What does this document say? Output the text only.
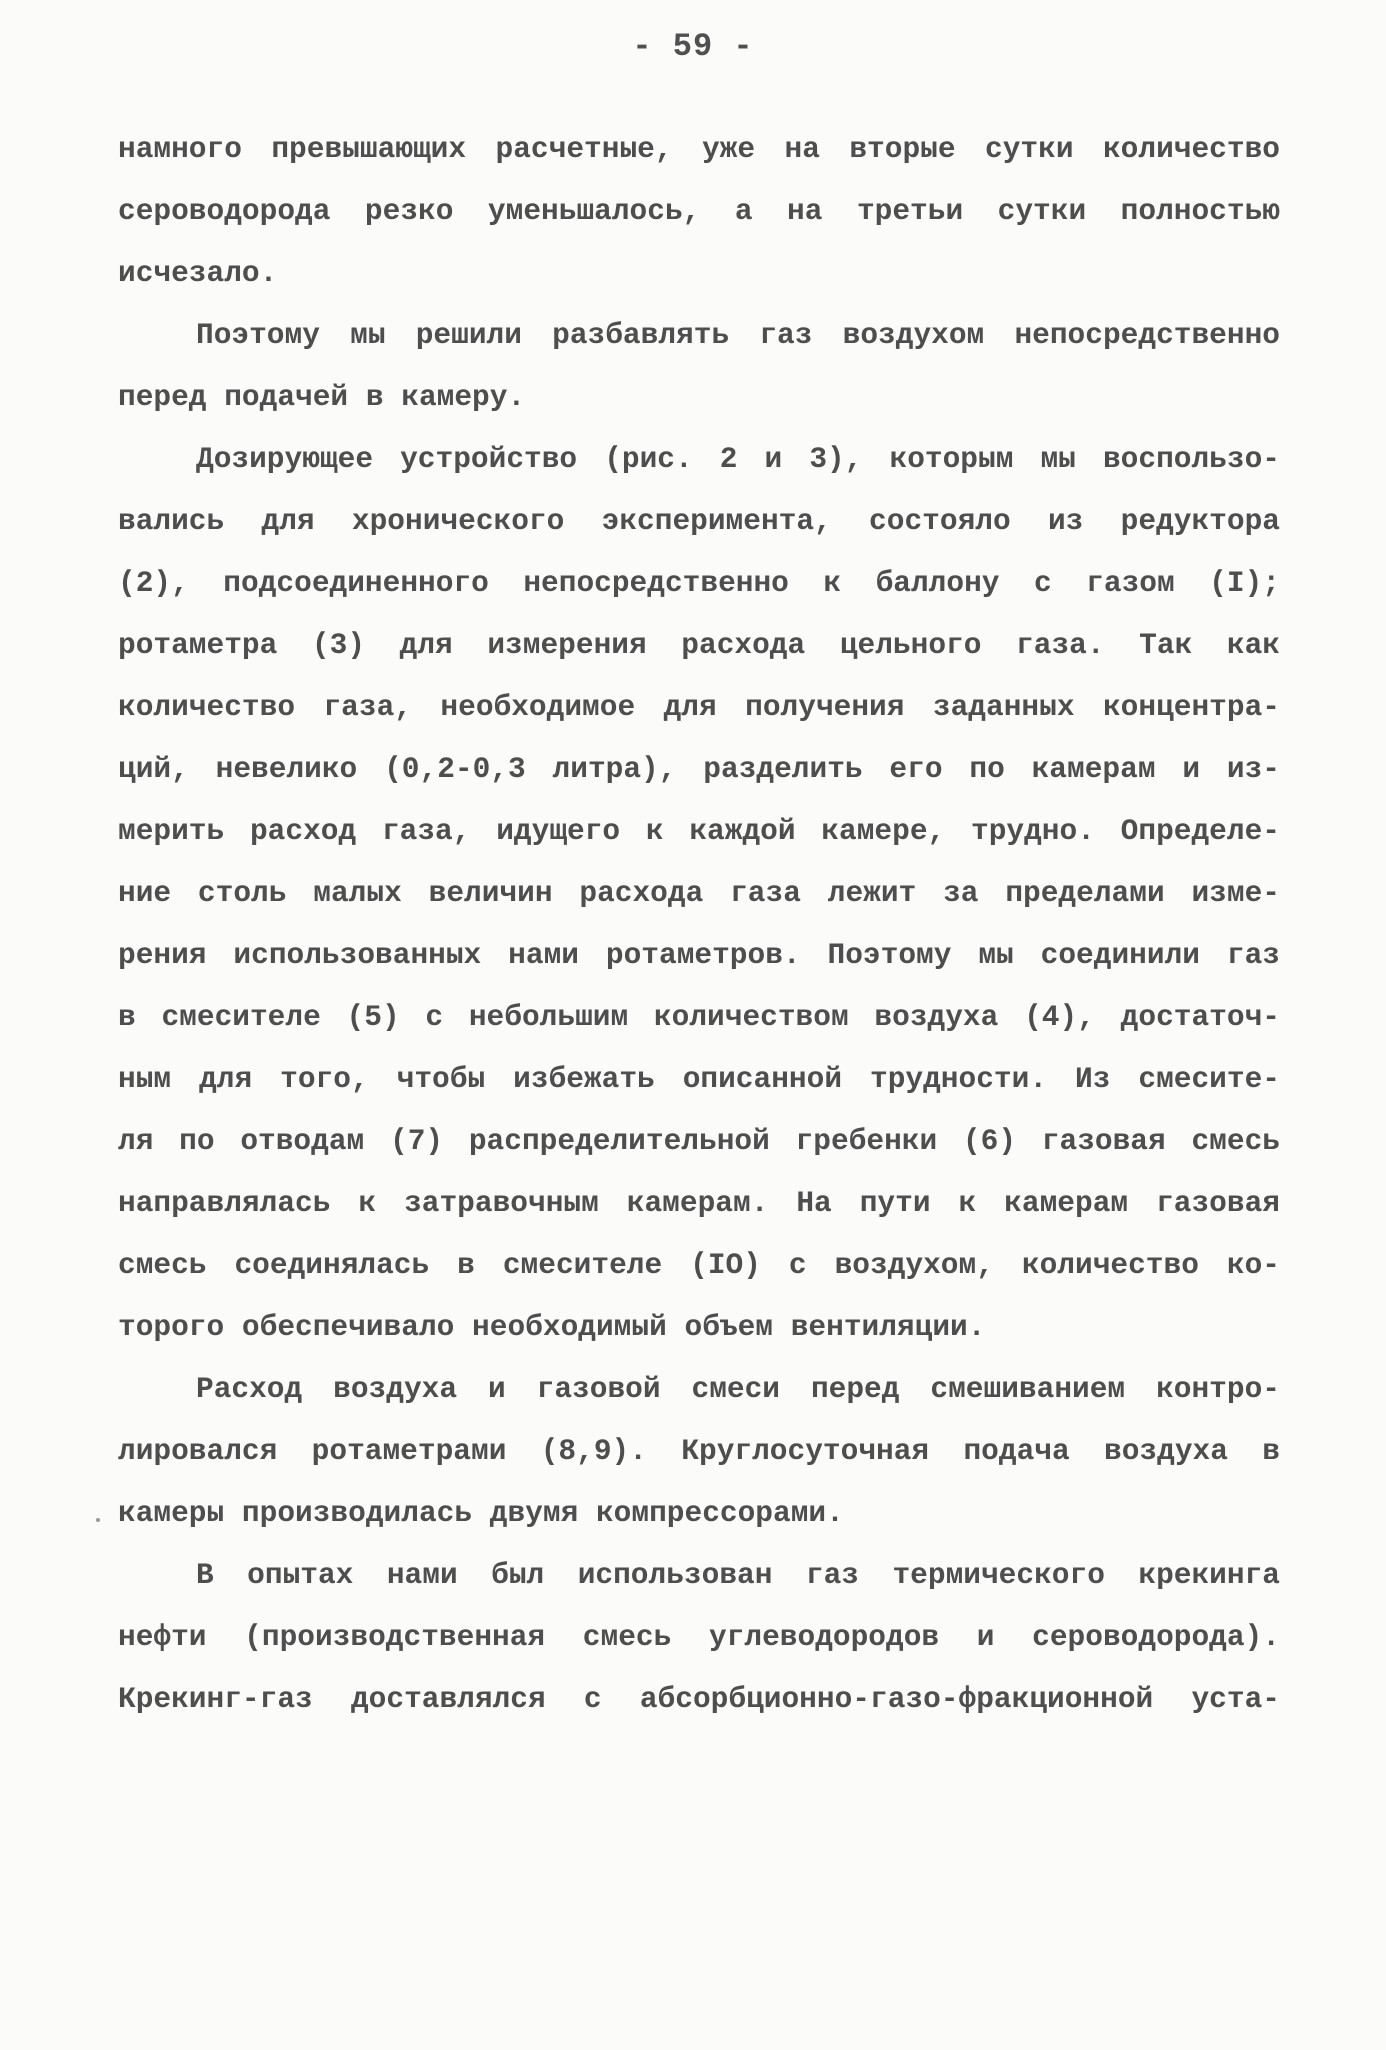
- 59 -
намного превышающих расчетные, уже на вторые сутки количество
сероводорода резко уменьшалось, а на третьи сутки полностью
исчезало.
Поэтому мы решили разбавлять газ воздухом непосредственно
перед подачей в камеру.
Дозирующее устройство (рис. 2 и 3), которым мы воспользо-
вались для хронического эксперимента, состояло из редуктора
(2), подсоединенного непосредственно к баллону с газом (I);
ротаметра (3) для измерения расхода цельного газа. Так как
количество газа, необходимое для получения заданных концентра-
ций, невелико (0,2-0,3 литра), разделить его по камерам и из-
мерить расход газа, идущего к каждой камере, трудно. Определе-
ние столь малых величин расхода газа лежит за пределами изме-
рения использованных нами ротаметров. Поэтому мы соединили газ
в смесителе (5) с небольшим количеством воздуха (4), достаточ-
ным для того, чтобы избежать описанной трудности. Из смесите-
ля по отводам (7) распределительной гребенки (6) газовая смесь
направлялась к затравочным камерам. На пути к камерам газовая
смесь соединялась в смесителе (IO) с воздухом, количество ко-
торого обеспечивало необходимый объем вентиляции.
Расход воздуха и газовой смеси перед смешиванием контро-
лировался ротаметрами (8,9). Круглосуточная подача воздуха в
камеры производилась двумя компрессорами.
В опытах нами был использован газ термического крекинга
нефти (производственная смесь углеводородов и сероводорода).
Крекинг-газ доставлялся с абсорбционно-газо-фракционной уста-
